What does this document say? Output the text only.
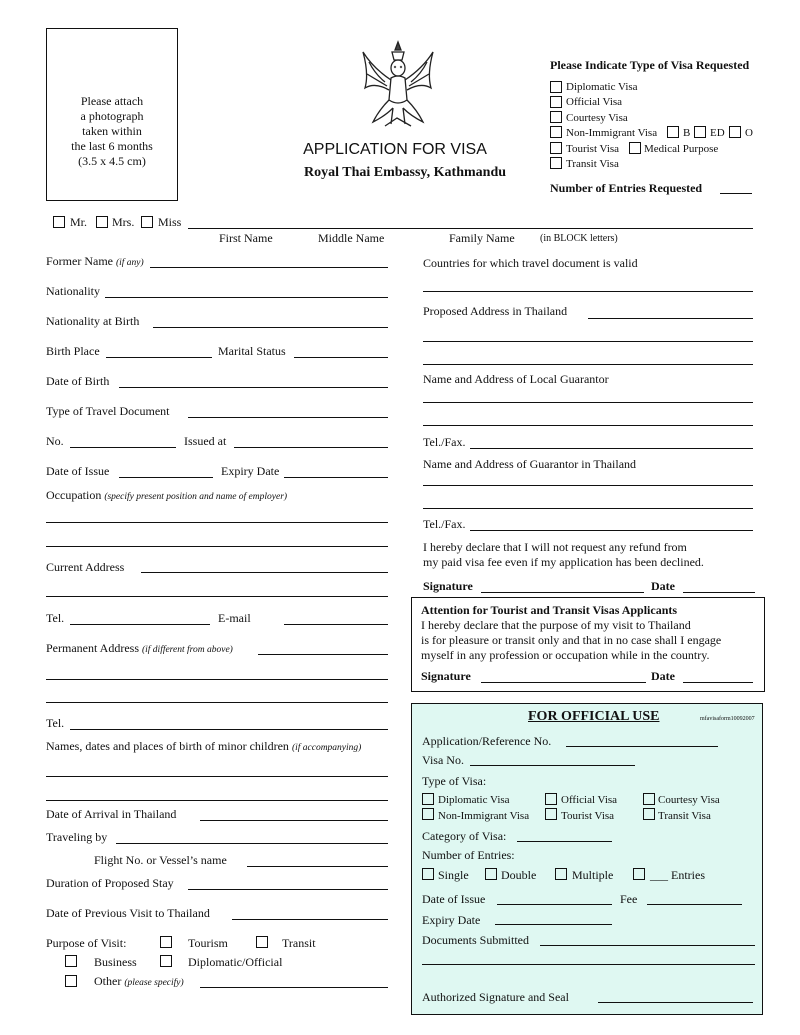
Please attach
a photograph
taken within
the last 6 months
(3.5 x 4.5 cm)
APPLICATION FOR VISA
Royal Thai Embassy, Kathmandu
Please Indicate Type of Visa Requested
Diplomatic Visa
Official Visa
Courtesy Visa
Non-Immigrant Visa B ED O
Tourist Visa Medical Purpose
Transit Visa
Number of Entries Requested
Mr. Mrs. Miss
First Name	Middle Name	Family Name	(in BLOCK letters)
Former Name (if any)
Nationality
Nationality at Birth
Birth Place	Marital Status
Date of Birth
Type of Travel Document
No.	Issued at
Date of Issue	Expiry Date
Occupation (specify present position and name of employer)
Current Address
Tel.	E-mail
Permanent Address (if different from above)
Tel.
Names, dates and places of birth of minor children (if accompanying)
Date of Arrival in Thailand
Traveling by
Flight No. or Vessel’s name
Duration of Proposed Stay
Date of Previous Visit to Thailand
Purpose of Visit:	Tourism	Transit
Business	Diplomatic/Official
Other (please specify)
Countries for which travel document is valid
Proposed Address in Thailand
Name and Address of Local Guarantor
Tel./Fax.
Name and Address of Guarantor in Thailand
Tel./Fax.
I hereby declare that I will not request any refund from
my paid visa fee even if my application has been declined.
Signature	Date
Attention for Tourist and Transit Visas Applicants
I hereby declare that the purpose of my visit to Thailand
is for pleasure or transit only and that in no case shall I engage
myself in any profession or occupation while in the country.
Signature	Date
FOR OFFICIAL USE	mfavisaform10092007
Application/Reference No.
Visa No.
Type of Visa:
Diplomatic Visa	Official Visa	Courtesy Visa
Non-Immigrant Visa	Tourist Visa	Transit Visa
Category of Visa:
Number of Entries:
Single	Double	Multiple	___ Entries
Date of Issue	Fee
Expiry Date
Documents Submitted
Authorized Signature and Seal
